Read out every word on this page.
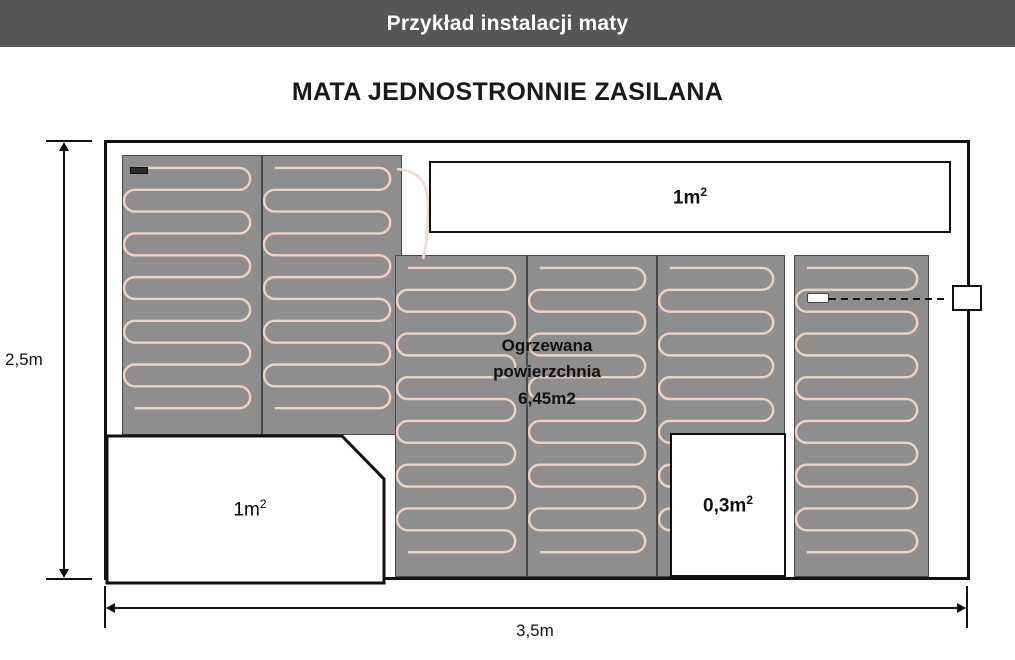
Przykład instalacji maty
MATA JEDNOSTRONNIE ZASILANA
$1m^2$
$1m^2$	$0,3m^2$
Ogrzewana
powierzchnia
6,45m2
2,5m
3,5m
